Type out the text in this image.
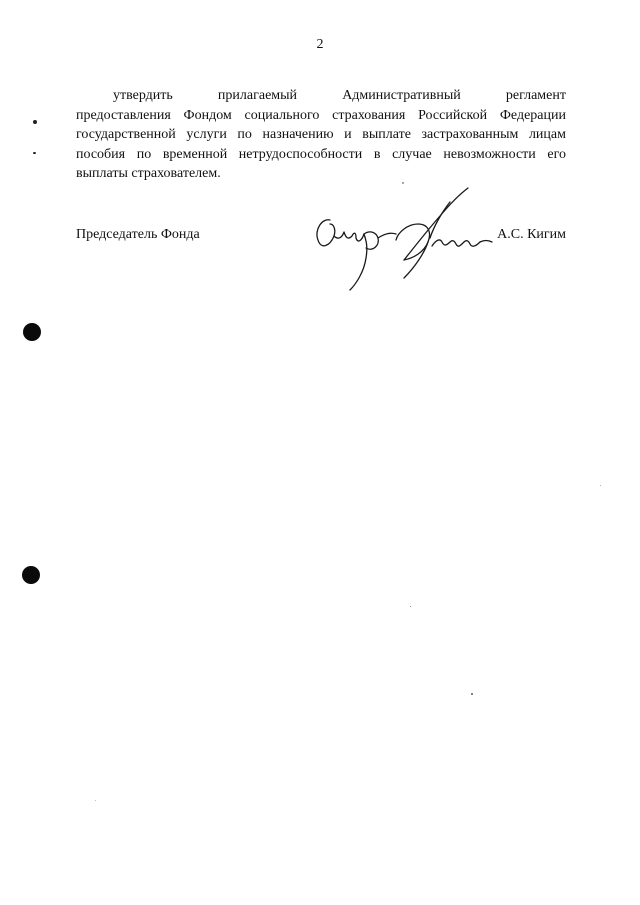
2
утвердить прилагаемый Административный регламент
предоставления Фондом социального страхования Российской Федерации
государственной услуги по назначению и выплате застрахованным лицам
пособия по временной нетрудоспособности в случае невозможности его
выплаты страхователем.
Председатель Фонда	А.С. Кигим
